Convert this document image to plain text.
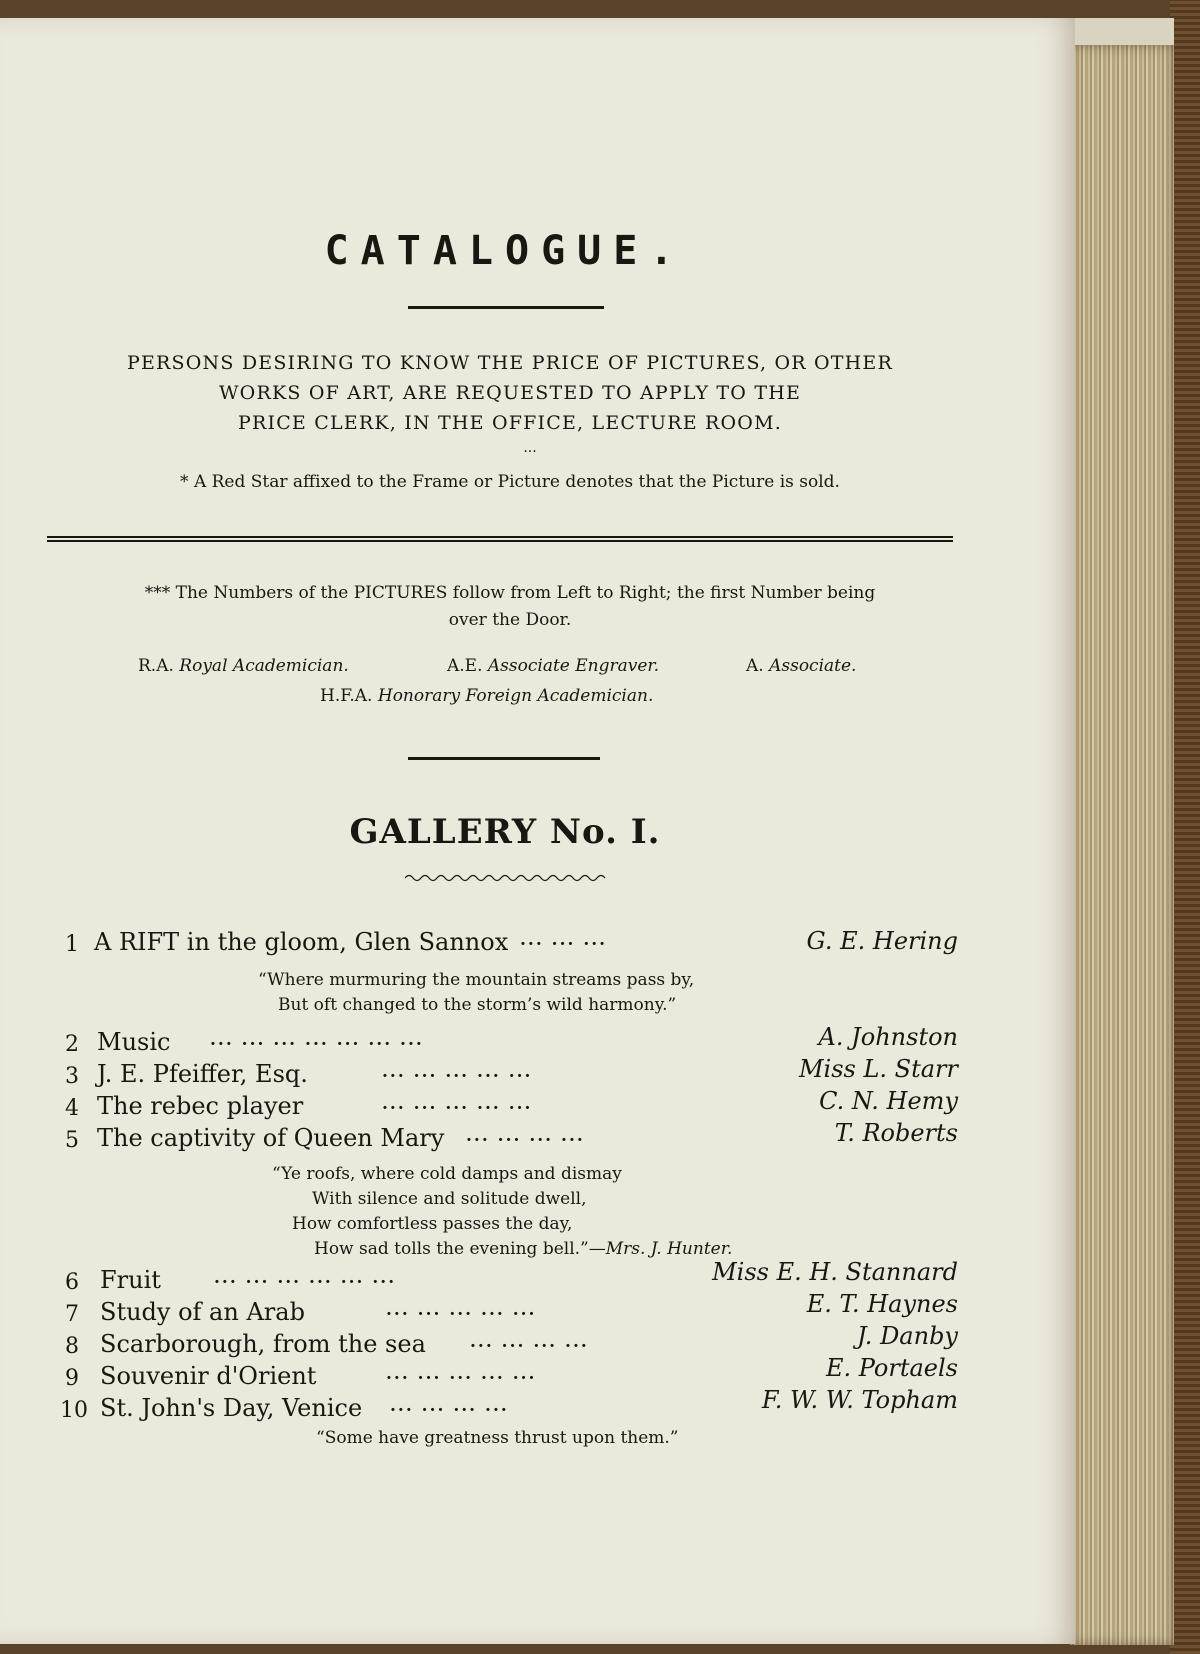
CATALOGUE.
PERSONS DESIRING TO KNOW THE PRICE OF PICTURES, OR OTHER
WORKS OF ART, ARE REQUESTED TO APPLY TO THE
PRICE CLERK, IN THE OFFICE, LECTURE ROOM.
...
* A Red Star affixed to the Frame or Picture denotes that the Picture is sold.
*** The Numbers of the PICTURES follow from Left to Right; the first Number being
over the Door.
R.A. Royal Academician.	A.E. Associate Engraver.	A. Associate.
H.F.A. Honorary Foreign Academician.
GALLERY No. I.
1 A RIFT in the gloom, Glen Sannox ... ... ...	G. E. Hering
“Where murmuring the mountain streams pass by,
But oft changed to the storm’s wild harmony.”
2 Music ... ... ... ... ... ... ...	A. Johnston
3 J. E. Pfeiffer, Esq.	... ... ... ... ...	Miss L. Starr
4 The rebec player	... ... ... ... ...	C. N. Hemy
5 The captivity of Queen Mary ... ... ... ...	T. Roberts
“Ye roofs, where cold damps and dismay
With silence and solitude dwell,
How comfortless passes the day,
How sad tolls the evening bell.”—Mrs. J. Hunter.
6 Fruit	... ... ... ... ... ...	Miss E. H. Stannard
7 Study of an Arab	... ... ... ... ...	E. T. Haynes
8 Scarborough, from the sea	... ... ... ...	J. Danby
9 Souvenir d'Orient	... ... ... ... ...	E. Portaels
10 St. John's Day, Venice ... ... ... ...	F. W. W. Topham
“Some have greatness thrust upon them.”
